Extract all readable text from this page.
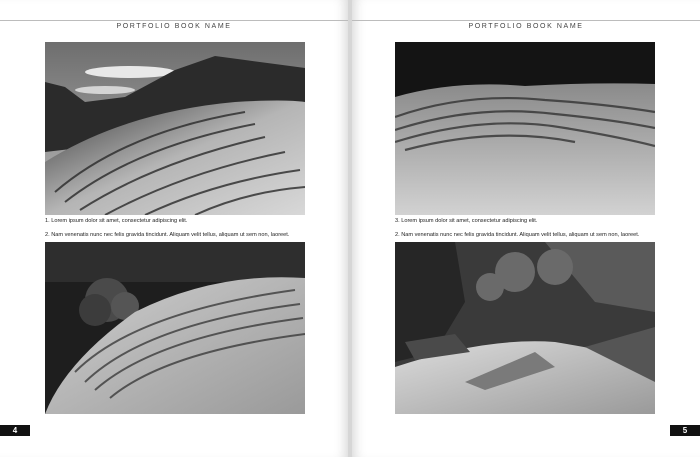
PORTFOLIO BOOK NAME
1. Lorem ipsum dolor sit amet, consectetur adipiscing elit.
2. Nam venenatis nunc nec felis gravida tincidunt. Aliquam velit tellus, aliquam ut sem non, laoreet.
4
PORTFOLIO BOOK NAME
3. Lorem ipsum dolor sit amet, consectetur adipiscing elit.
2. Nam venenatis nunc nec felis gravida tincidunt. Aliquam velit tellus, aliquam ut sem non, laoreet.
5
